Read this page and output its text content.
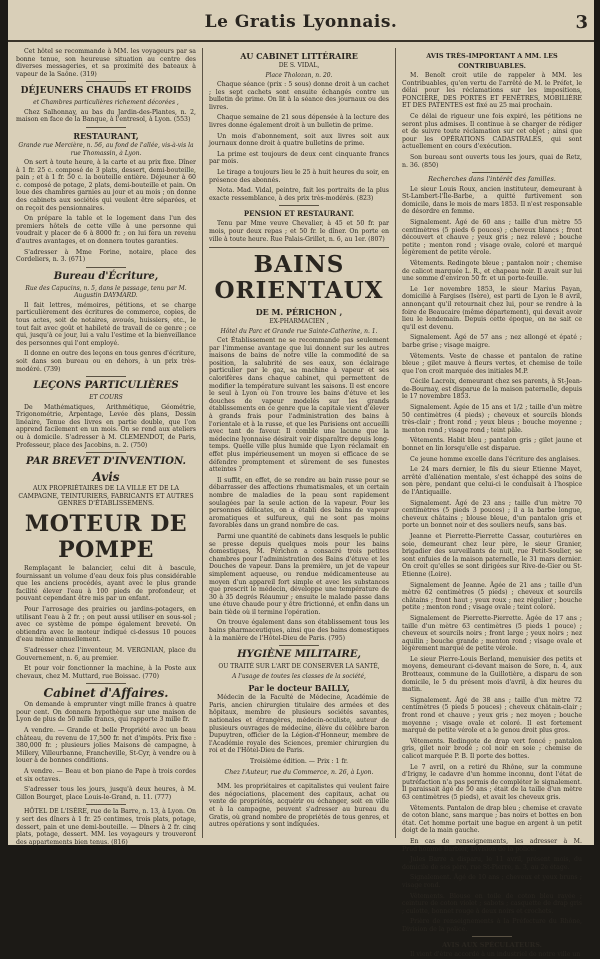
Le Gratis Lyonnais.	3

Cet hôtel se recommande à MM. les voyageurs par sa bonne tenue, son heureuse situation au centre des diverses messageries, et sa proximité des bateaux à vapeur de la Saône. (319)

DÉJEUNERS CHAUDS ET FROIDS
et Chambres particulières richement décorées ,

Chez Salhonnay, au bas du Jardin-des-Plantes, n. 2, maison en face de la Banque, à l'entresol, à Lyon. (553)

RESTAURANT,
Grande rue Mercière, n. 56, au fond de l'allée, vis-à-vis la rue Thomassin, à Lyon.

On sert à toute heure, à la carte et au prix fixe. Dîner à 1 fr. 25 c. composé de 3 plats, dessert, demi-bouteille, pain ; et à 1 fr. 50 c. la bouteille entière. Déjeuner à 60 c. composé de potage, 2 plats, demi-bouteille et pain. On loue des chambres garnies au jour et au mois ; on donne des cabinets aux sociétés qui veulent être séparées, et on reçoit des pensionnaires.

On prépare la table et le logement dans l'un des premiers hôtels de cette ville à une personne qui voudrait y placer de 6 à 8000 fr. ; on lui fera un revenu d'autres avantages, et on donnera toutes garanties.

S'adresser à Mme Forine, notaire, place des Cordeliers, n. 3. (671)

Bureau d'Écriture,
Rue des Capucins, n. 5, dans le passage, tenu par M. Augustin DAYMARD.

Il fait lettres, mémoires, pétitions, et se charge particulièrement des écritures de commerce, copies, de tous actes, soit de notaires, avoués, huissiers, etc., le tout fait avec goût et habileté de travail de ce genre ; ce qui, jusqu'à ce jour, lui a valu l'estime et la bienveillance des personnes qui l'ont employé.

Il donne en outre des leçons en tous genres d'écriture, soit dans son bureau ou en dehors, à un prix très-modéré. (739)

LEÇONS PARTICULIÈRES
ET COURS

De Mathématiques, Arithmétique, Géométrie, Trigonométrie, Arpentage, Levée des plans, Dessin linéaire, Tenue des livres en partie double, que l'on apprend facilement en un mois. On se rend aux ateliers ou à domicile. S'adresser à M. CLEMENDOT, de Paris, Professeur, place des Jacobins, n. 2. (750)

PAR BREVET D'INVENTION.
Avis

AUX PROPRIÉTAIRES DE LA VILLE ET DE LA CAMPAGNE, TEINTURIERS, FABRICANTS ET AUTRES GENRES D'ÉTABLISSEMENS.

MOTEUR DE POMPE

Remplaçant le balancier, celui dit à bascule, fournissant un volume d'eau deux fois plus considérable que les anciens procédés, ayant avec le plus grande facilité élever l'eau à 100 pieds de profondeur, et pouvant cependant être mis par un enfant.

Pour l'arrosage des prairies ou jardins-potagers, en utilisant l'eau à 2 fr. ; on peut aussi utiliser en sous-sol ; avec ce système de pompe également breveté. On obtiendra avec le moteur indiqué ci-dessus 10 pouces d'eau même annuellement.

S'adresser chez l'inventeur, M. VERGNIAN, place du Gouvernement, n. 6, au premier.

Et pour voir fonctionner la machine, à la Poste aux chevaux, chez M. Muttard, rue Boissac. (770)

Cabinet d'Affaires.

On demande à emprunter vingt mille francs à quatre pour cent. On donnera hypothèque sur une maison de Lyon de plus de 50 mille francs, qui rapporte 3 mille fr.

A vendre. — Grande et belle Propriété avec un beau château, du revenu de 17,500 fr. net d'impôts. Prix fixe : 380,000 fr. ; plusieurs jolies Maisons de campagne, à Millery, Villeurbanne, Francheville, St-Cyr, à vendre ou à louer à de bonnes conditions.

A vendre. — Beau et bon piano de Pape à trois cordes et six octaves.

S'adresser tous les jours, jusqu'à deux heures, à M. Gillon Bourget, place Louis-le-Grand, n. 11. (777)

HÔTEL DE L'ISÈRE, rue de la Barre, n. 13, à Lyon. On y sert des dîners à 1 fr. 25 centimes, trois plats, potage, dessert, pain et une demi-bouteille. — Dîners à 2 fr. cinq plats, potage, dessert. MM. les voyageurs y trouveront des appartements bien tenus. (816)

AU CABINET LITTÉRAIRE
DE S. VIDAL,
Place Tholozan, n. 20.

Chaque séance (prix : 5 sous) donne droit à un cachet ; les sept cachets sont ensuite échangés contre un bulletin de prime. On lit à la séance des journaux ou des livres.

Chaque semaine de 21 sous dépensée à la lecture des livres donne également droit à un bulletin de prime.

Un mois d'abonnement, soit aux livres soit aux journaux donne droit à quatre bulletins de prime.

La prime est toujours de deux cent cinquante francs par mois.

Le tirage a toujours lieu le 25 à huit heures du soir, en présence des abonnés.

Nota. Mad. Vidal, peintre, fait les portraits de la plus exacte ressemblance, à des prix très-modérés. (823)

PENSION ET RESTAURANT.

Tenu par Mme veuve Chevalier, à 45 et 50 fr. par mois, pour deux repas ; et 50 fr. le dîner. On porte en ville à toute heure. Rue Palais-Grillet, n. 6, au 1er. (807)

BAINS ORIENTAUX
DE M. PÉRICHON ,
EX-PHARMACIEN ,
Hôtel du Parc et Grande rue Sainte-Catherine, n. 1.

Cet Établissement ne se recommande pas seulement par l'immense avantage que lui donnent sur les autres maisons de bains de notre ville la commodité de sa position, la salubrité de ses eaux, son éclairage particulier par le gaz, sa machine à vapeur et ses calorifères dans chaque cabinet, qui permettent de modifier la température suivant les saisons. Il est encore le seul à Lyon où l'on trouve les bains d'étuve et les douches de vapeur modelés sur les grands établissements en ce genre que la capitale vient d'élever à grands frais pour l'administration des bains à l'orientale et à la russe, et que les Parisiens ont accueilli avec tant de faveur. Il comble une lacune que la médecine lyonnaise désirait voir disparaître depuis long-temps. Quelle ville plus humide que Lyon réclamait en effet plus impérieusement un moyen si efficace de se défendre promptement et sûrement de ses funestes atteintes ?

Il suffit, en effet, de se rendre au bain russe pour se débarrasser des affections rhumatismales, et un certain nombre de maladies de la peau sont rapidement soulagées par la seule action de la vapeur. Pour les personnes délicates, on a établi des bains de vapeur aromatiques et sulfureux, qui ne sont pas moins favorables dans un grand nombre de cas.

Parmi une quantité de cabinets dans lesquels le public se presse depuis quelques mois pour les bains domestiques, M. Périchon a consacré trois petites chambres pour l'administration des Bains d'étuve et les Douches de vapeur. Dans la première, un jet de vapeur simplement aqueuse, ou rendue médicamenteuse au moyen d'un appareil fort simple et avec les substances que prescrit le médecin, développe une température de 30 à 35 degrés Réaumur ; ensuite le malade passe dans une étuve chaude pour y être frictionné, et enfin dans un bain tiède où il termine l'opération.

On trouve également dans son établissement tous les bains pharmaceutiques, ainsi que des bains domestiques à la manière de l'Hôtel-Dieu de Paris. (795)

HYGIÈNE MILITAIRE,
OU TRAITÉ SUR L'ART DE CONSERVER LA SANTÉ,
A l'usage de toutes les classes de la société,
Par le docteur BAILLY,

Médecin de la Faculté de Médecine, Académie de Paris, ancien chirurgien titulaire des armées et des hôpitaux, membre de plusieurs sociétés savantes, nationales et étrangères, médecin-oculiste, auteur de plusieurs ouvrages de médecine, élève du célèbre baron Dupuytren, officier de la Légion-d'Honneur, membre de l'Académie royale des Sciences, premier chirurgien du roi et de l'Hôtel-Dieu de Paris.

Troisième édition. — Prix : 1 fr.

Chez l'Auteur, rue du Commerce, n. 26, à Lyon.

MM. les propriétaires et capitalistes qui veulent faire des négociations, placement des capitaux, achat ou vente de propriétés, acquérir ou échanger, soit en ville et à la campagne, peuvent s'adresser au bureau du Gratis, où grand nombre de propriétés de tous genres, et autres opérations y sont indiquées.

AVIS TRÈS-IMPORTANT A MM. LES CONTRIBUABLES.

M. Benoît croit utile de rappeler à MM. les Contribuables, qu'en vertu de l'arrêté de M. le Préfet, le délai pour les réclamations sur les impositions, FONCIÈRE, DES PORTES ET FENÊTRES, MOBILIÈRE ET DES PATENTES est fixé au 25 mai prochain.

Ce délai de rigueur une fois expiré, les pétitions ne seront plus admises. Il continue à se charger de rédiger et de suivre toute réclamation sur cet objet ; ainsi que pour les OPÉRATIONS CADASTRALES, qui sont actuellement en cours d'exécution.

Son bureau sont ouverts tous les jours, quai de Retz, n. 36. (850)

Recherches dans l'intérêt des familles.

Le sieur Louis Roux, ancien instituteur, demeurant à St-Lambert-l'Île-Barbe, a quitté furtivement son domicile, dans le mois de mars 1853. Il n'est responsable de désordre en femme.

Signalement. Âgé de 60 ans ; taille d'un mètre 55 centimètres (5 pieds 6 pouces) ; cheveux blancs ; front découvert et chauve ; yeux gris ; nez relevé ; bouche petite ; menton rond ; visage ovale, coloré et marqué légèrement de petite vérole.

Vêtements. Redingote bleue ; pantalon noir ; chemise de calicot marquée L. R., et chapeau noir. Il avait sur lui une somme d'environ 50 fr. et un porte-feuille.

Le 1er novembre 1853, le sieur Marius Payan, domicilié à Fargises (Isère), est parti de Lyon le 8 avril, annonçant qu'il retournait chez lui, pour se rendre à la foire de Beaucaire (même département), qui devait avoir lieu le lendemain. Depuis cette époque, on ne sait ce qu'il est devenu.

Signalement. Âgé de 57 ans ; nez allongé et épaté ; barbe grise ; visage maigre.

Vêtements. Veste de chasse et pantalon de ratine bleue ; gilet mauve à fleurs vertes, et chemise de toile que l'on croit marquée des initiales M.P.

Cécile Lacroix, demeurant chez ses parents, à St-Jean-de-Bournay, est disparue de la maison paternelle, depuis le 17 novembre 1853.

Signalement. Âgée de 15 ans et 1/2 ; taille d'un mètre 50 centimètres (4 pieds) ; cheveux et sourcils blonds très-clair ; front rond ; yeux bleus ; bouche moyenne ; menton rond ; visage rond ; teint pâle.

Vêtements. Habit bleu ; pantalon gris ; gilet jaune et bonnet en lin lorsqu'elle est disparue.

Ce jeune homme excelle dans l'écriture des anglaises.

Le 24 mars dernier, le fils du sieur Etienne Mayet, arrêté d'aliénation mentale, s'est échappé des soins de son père, pendant que celui-ci le conduisait à l'hospice de l'Antiquaille.

Signalement. Âgé de 23 ans ; taille d'un mètre 70 centimètres (5 pieds 3 pouces) ; il a la barbe longue, cheveux châtains ; blouse bleue, d'un pantalon gris et porte un bonnet noir et des souliers neufs, sans bas.

Jeanne et Pierrette-Pierrette Cassar, couturières en soie, demeurant chez leur père, le sieur Granier, brigadier des surveillants de nuit, rue Petit-Soulier, se sont enfuies de la maison paternelle, le 31 mars dernier. On croit qu'elles se sont dirigées sur Rive-de-Gier ou St-Etienne (Loire).

Signalement de Jeanne. Âgée de 21 ans ; taille d'un mètre 62 centimètres (5 pieds) ; cheveux et sourcils châtains ; front haut ; yeux roux ; nez régulier ; bouche petite ; menton rond ; visage ovale ; teint coloré.

Signalement de Pierrette-Pierrette. Âgée de 17 ans ; taille d'un mètre 63 centimètres (5 pieds 1 pouce) ; cheveux et sourcils noirs ; front large ; yeux noirs ; nez aquilin ; bouche grande ; menton rond ; visage ovale et légèrement marqué de petite vérole.

Le sieur Pierre-Louis Berland, menuisier des petits et moyens, demeurant ci-devant maison de Sore, n. 4, aux Brotteaux, commune de la Guillotière, a disparu de son domicile, le 5 du présent mois d'avril, à dix heures du matin.

Signalement. Âgé de 38 ans ; taille d'un mètre 72 centimètres (5 pieds 5 pouces) ; cheveux châtain-clair ; front rond et chauve ; yeux gris ; nez moyen ; bouche moyenne ; visage ovale et coloré. Il est fortement marqué de petite vérole et a le genou droit plus gros.

Vêtements. Redingote de drap vert foncé ; pantalon gris, gilet noir brodé ; col noir en soie ; chemise de calicot marquée P. B. Il porte des bottes.

Le 7 avril, on a retiré du Rhône, sur la commune d'Irigny, le cadavre d'un homme inconnu, dont l'état de putréfaction n'a pas permis de compléter le signalement. Il paraissait âgé de 50 ans ; était de la taille d'un mètre 63 centimètres (5 pieds), et avait les cheveux gris.

Vêtements. Pantalon de drap bleu ; chemise et cravate de coton blanc, sans marque ; bas noirs et bottes en bon état. Cet homme portait une bague en argent à un petit doigt de la main gauche.

En cas de renseignements, les adresser à M. Prud'homme Barbier, Division de la police.

Jules Barre a disparu, le 11 avril, présent mois, du domicile de ses père, rue St-Pierre, n. 3, au 2e étage.

Signalement. Âgé de 10 ans ; cheveux et yeux bruns ; visage rond.

Vêtements. Blouse en toile de coton bleu rayée ; ceinture de coton violet ; sabots ; casquette de drap gris ; culotte, bonnet rouge à deux noirs et crochets.

Prière de renseignements à la Préfecture du Rhône, Division de la police.

AVIS AUX SPÉCULATEURS.

Il vient d'être accordé à un industriel de notre ville un
